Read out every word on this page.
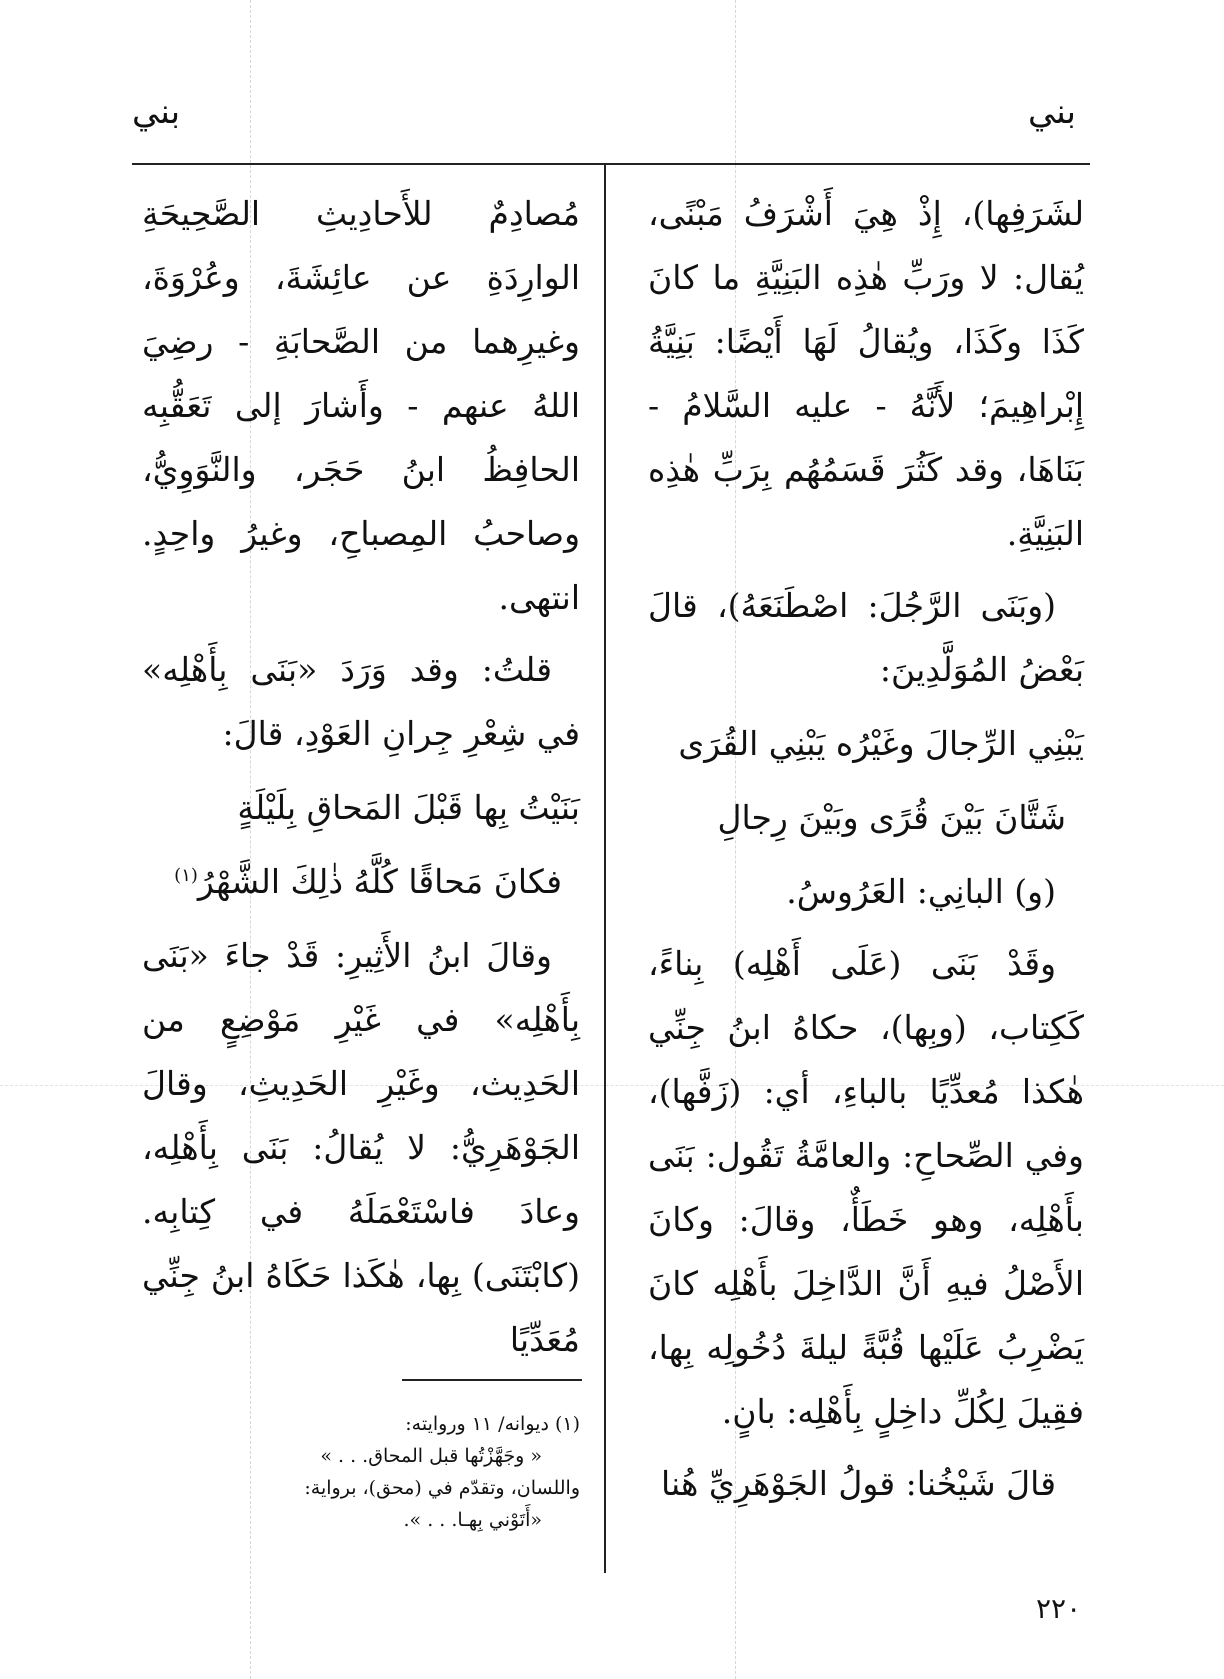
بني
بني

لشَرَفِها)، إِذْ هِيَ أَشْرَفُ مَبْنًى، يُقال: لا ورَبِّ هٰذِه البَنِيَّةِ ما كانَ كَذَا وكَذَا، ويُقالُ لَهَا أَيْضًا: بَنِيَّةُ إِبْراهِيمَ؛ لأَنَّهُ - عليه السَّلامُ - بَنَاهَا، وقد كَثُرَ قَسَمُهُم بِرَبِّ هٰذِه البَنِيَّةِ.

(وبَنَى الرَّجُلَ: اصْطَنَعَهُ)، قالَ بَعْضُ المُوَلَّدِينَ:

يَبْنِي الرِّجالَ وغَيْرُه يَبْنِي القُرَى
شَتَّانَ بَيْنَ قُرًى وبَيْنَ رِجالِ

(و) البانِي: العَرُوسُ.

وقَدْ بَنَى (عَلَى أَهْلِه) بِناءً، كَكِتاب، (وبِها)، حكاهُ ابنُ جِنِّي هٰكذا مُعدِّيًا بالباءِ، أي: (زَفَّها)، وفي الصِّحاحِ: والعامَّةُ تَقُول: بَنَى بأَهْلِه، وهو خَطَأٌ، وقالَ: وكانَ الأَصْلُ فيهِ أَنَّ الدَّاخِلَ بأَهْلِه كانَ يَضْرِبُ عَلَيْها قُبَّةً ليلةَ دُخُولِه بِها، فقِيلَ لِكُلِّ داخِلٍ بِأَهْلِه: بانٍ.

قالَ شَيْخُنا: قولُ الجَوْهَرِيِّ هُنا

مُصادِمٌ للأَحادِيثِ الصَّحِيحَةِ الوارِدَةِ عن عائِشَةَ، وعُرْوَةَ، وغيرِهما من الصَّحابَةِ - رضِيَ اللهُ عنهم - وأَشارَ إلى تَعَقُّبِه الحافِظُ ابنُ حَجَر، والنَّوَوِيُّ، وصاحبُ المِصباحِ، وغيرُ واحِدٍ. انتهى.

قلتُ: وقد وَرَدَ «بَنَى بِأَهْلِه» في شِعْرِ جِرانِ العَوْدِ، قالَ:

بَنَيْتُ بِها قَبْلَ المَحاقِ بِلَيْلَةٍ
فكانَ مَحاقًا كُلَّهُ ذٰلِكَ الشَّهْرُ$^{(١)}$

وقالَ ابنُ الأَثِيرِ: قَدْ جاءَ «بَنَى بِأَهْلِه» في غَيْرِ مَوْضِعٍ من الحَدِيث، وغَيْرِ الحَدِيثِ، وقالَ الجَوْهَرِيُّ: لا يُقالُ: بَنَى بِأَهْلِه، وعادَ فاسْتَعْمَلَهُ في كِتابِه. (كابْتَنَى) بِها، هٰكَذا حَكَاهُ ابنُ جِنِّي مُعَدِّيًا

(١) ديوانه/ ١١ وروايته:
« وجَهَّزْتُها قبل المحاق. . . »
واللسان، وتقدّم في (محق)، برواية:
«أَتَوْني بِهـا. . . ».
٢٢٠
